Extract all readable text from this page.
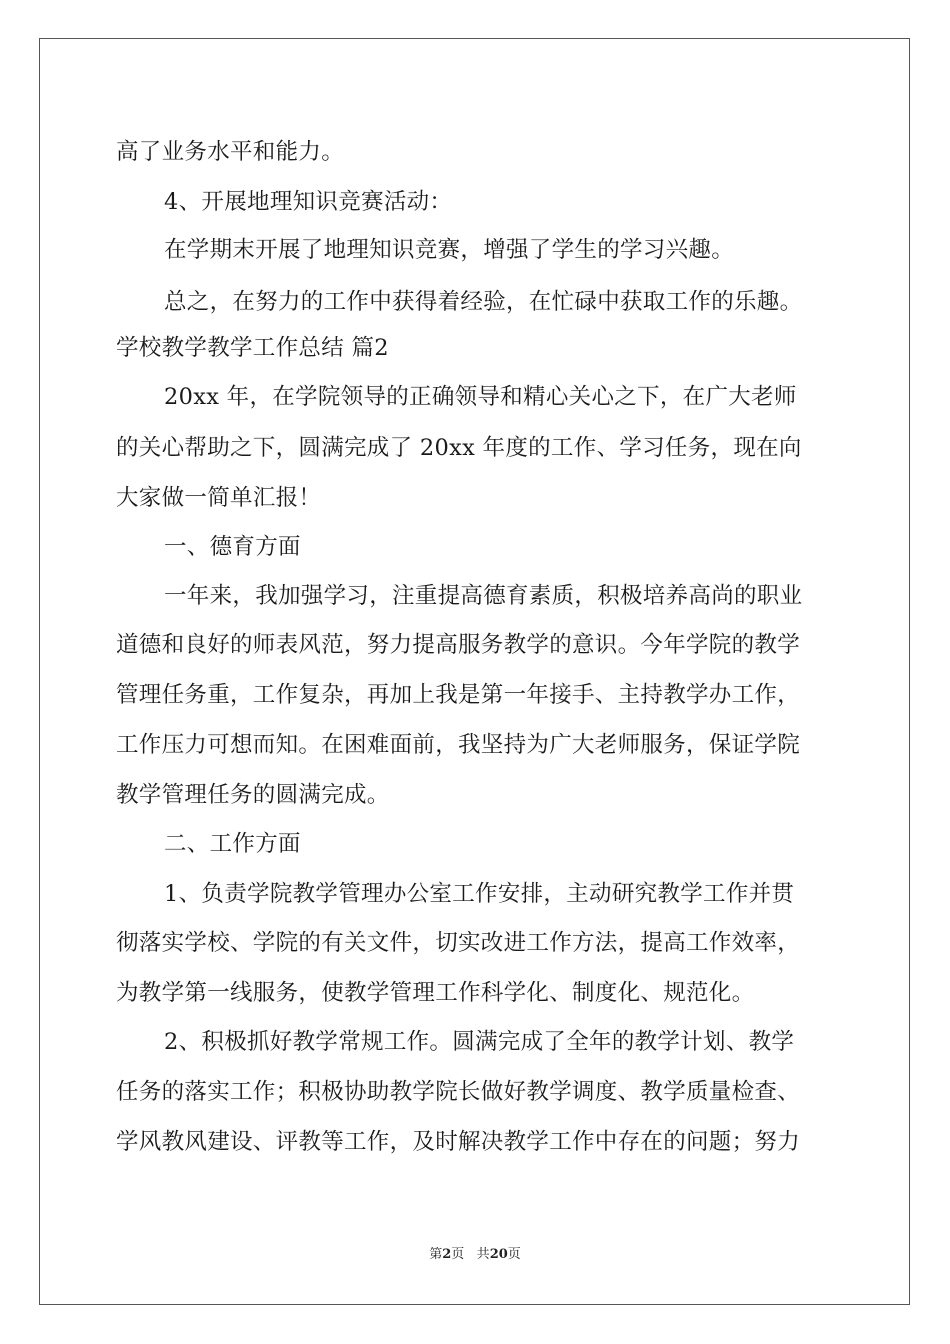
高了业务水平和能力。
4、开展地理知识竞赛活动：
在学期末开展了地理知识竞赛，增强了学生的学习兴趣。
总之，在努力的工作中获得着经验，在忙碌中获取工作的乐趣。
学校教学教学工作总结 篇2
20xx 年，在学院领导的正确领导和精心关心之下，在广大老师
的关心帮助之下，圆满完成了 20xx 年度的工作、学习任务，现在向
大家做一简单汇报！
一、德育方面
一年来，我加强学习，注重提高德育素质，积极培养高尚的职业
道德和良好的师表风范，努力提高服务教学的意识。今年学院的教学
管理任务重，工作复杂，再加上我是第一年接手、主持教学办工作，
工作压力可想而知。在困难面前，我坚持为广大老师服务，保证学院
教学管理任务的圆满完成。
二、工作方面
1、负责学院教学管理办公室工作安排，主动研究教学工作并贯
彻落实学校、学院的有关文件，切实改进工作方法，提高工作效率，
为教学第一线服务，使教学管理工作科学化、制度化、规范化。
2、积极抓好教学常规工作。圆满完成了全年的教学计划、教学
任务的落实工作；积极协助教学院长做好教学调度、教学质量检查、
学风教风建设、评教等工作，及时解决教学工作中存在的问题；努力
第2页 共20页
